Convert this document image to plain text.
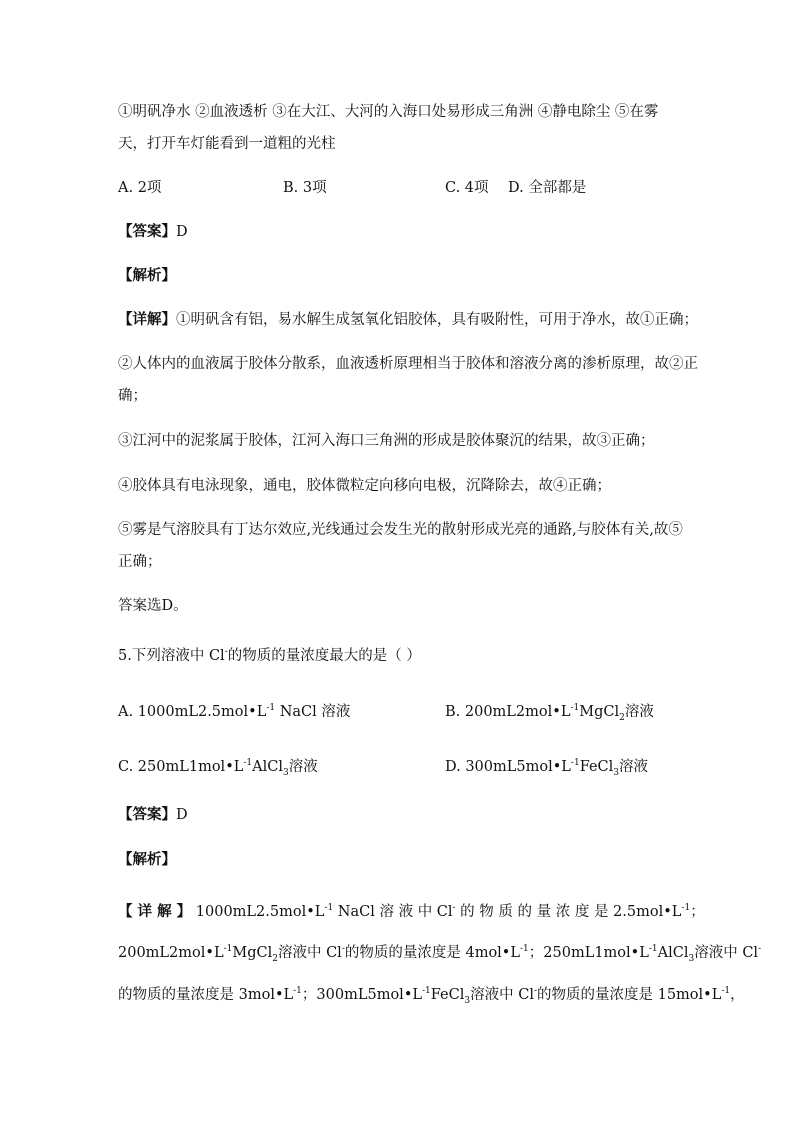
①明矾净水 ②血液透析 ③在大江、大河的入海口处易形成三角洲 ④静电除尘 ⑤在雾
天，打开车灯能看到一道粗的光柱
A. 2项	B. 3项	C. 4项 D. 全部都是
【答案】D
【解析】
【详解】①明矾含有铝，易水解生成氢氧化铝胶体，具有吸附性，可用于净水，故①正确；
②人体内的血液属于胶体分散系，血液透析原理相当于胶体和溶液分离的渗析原理，故②正
确；
③江河中的泥浆属于胶体，江河入海口三角洲的形成是胶体聚沉的结果，故③正确；
④胶体具有电泳现象，通电，胶体微粒定向移向电极，沉降除去，故④正确；
⑤雾是气溶胶具有丁达尔效应,光线通过会发生光的散射形成光亮的通路,与胶体有关,故⑤
正确；
答案选D。
5.下列溶液中 Cl-的物质的量浓度最大的是（ ）
A. $1000mL2.5mol•L^{-1}$ NaCl 溶液	B. $200mL2mol•L^{-1}MgCl_2$溶液
C. $250mL1mol•L^{-1}AlCl_3$溶液	D. $300mL5mol•L^{-1}FeCl_3$溶液
【答案】D
【解析】
【 详 解 】 $1000mL2.5mol•L^{-1}$ NaCl 溶 液 中 Cl- 的 物 质 的 量 浓 度 是 $2.5mol•L^{-1}$；
$200mL2mol•L^{-1}MgCl_2$溶液中 Cl-的物质的量浓度是 $4mol•L^{-1}$；$250mL1mol•L^{-1}AlCl_3$溶液中 Cl-
的物质的量浓度是 $3mol•L^{-1}$；$300mL5mol•L^{-1}FeCl_3$溶液中 Cl-的物质的量浓度是 $15mol•L^{-1}$，
